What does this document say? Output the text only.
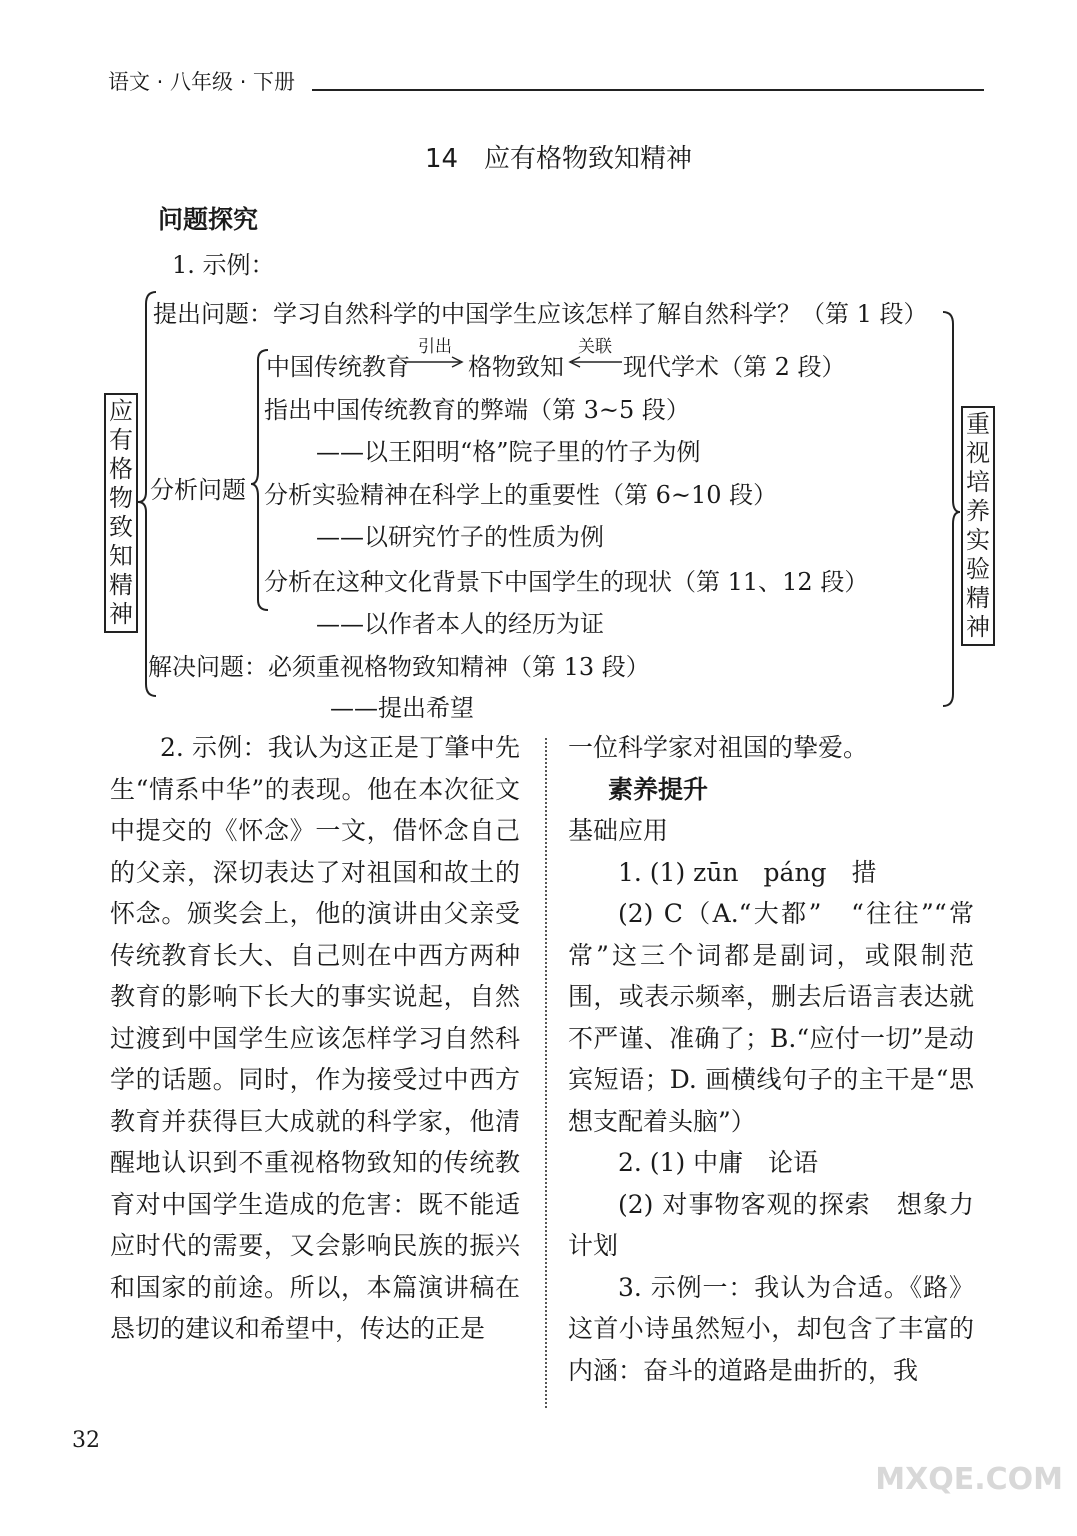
语文 · 八年级 · 下册
14　应有格物致知精神
问题探究
1. 示例：
应有格物致知精神
重视培养实验精神
提出问题：学习自然科学的中国学生应该怎样了解自然科学？（第 1 段）
分析问题
中国传统教育
引出
格物致知
关联
现代学术（第 2 段）
指出中国传统教育的弊端（第 3~5 段）
——以王阳明“格”院子里的竹子为例
分析实验精神在科学上的重要性（第 6~10 段）
——以研究竹子的性质为例
分析在这种文化背景下中国学生的现状（第 11、12 段）
——以作者本人的经历为证
解决问题：必须重视格物致知精神（第 13 段）
——提出希望
2. 示例：我认为这正是丁肇中先生“情系中华”的表现。他在本次征文中提交的《怀念》一文，借怀念自己的父亲，深切表达了对祖国和故土的怀念。颁奖会上，他的演讲由父亲受传统教育长大、自己则在中西方两种教育的影响下长大的事实说起，自然过渡到中国学生应该怎样学习自然科学的话题。同时，作为接受过中西方教育并获得巨大成就的科学家，他清醒地认识到不重视格物致知的传统教育对中国学生造成的危害：既不能适应时代的需要，又会影响民族的振兴和国家的前途。所以，本篇演讲稿在恳切的建议和希望中，传达的正是

一位科学家对祖国的挚爱。

素养提升

基础应用

1. (1) zūn　páng　措

(2) C（A.“大都”　“往往”“常常”这三个词都是副词，或限制范围，或表示频率，删去后语言表达就不严谨、准确了；B.“应付一切”是动宾短语；D. 画横线句子的主干是“思想支配着头脑”）

2. (1) 中庸　论语

(2) 对事物客观的探索　想象力　计划

3. 示例一：我认为合适。《路》这首小诗虽然短小，却包含了丰富的内涵：奋斗的道路是曲折的，我

32
MXQE.COM
